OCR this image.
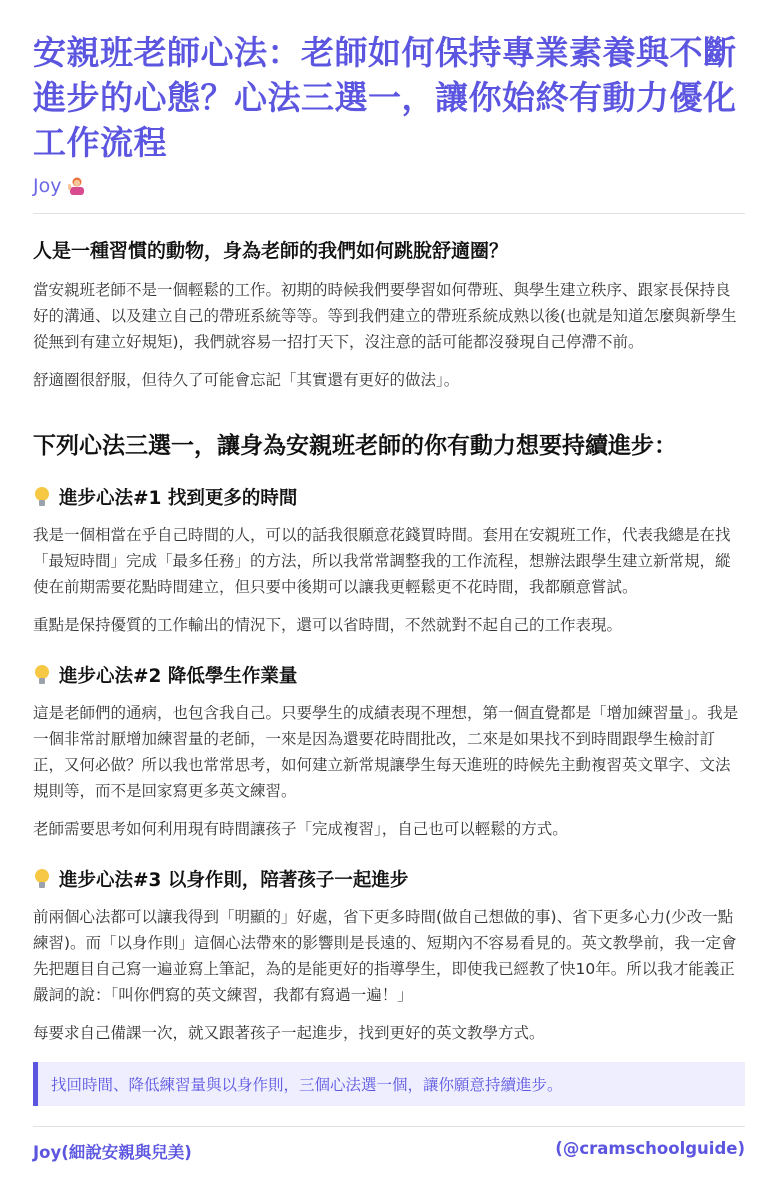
安親班老師心法：老師如何保持專業素養與不斷進步的心態？心法三選一，讓你始終有動力優化工作流程
Joy
人是一種習慣的動物，身為老師的我們如何跳脫舒適圈？

當安親班老師不是一個輕鬆的工作。初期的時候我們要學習如何帶班、與學生建立秩序、跟家長保持良好的溝通、以及建立自己的帶班系統等等。等到我們建立的帶班系統成熟以後(也就是知道怎麼與新學生從無到有建立好規矩)，我們就容易一招打天下，沒注意的話可能都沒發現自己停滯不前。

舒適圈很舒服，但待久了可能會忘記「其實還有更好的做法」。

下列心法三選一，讓身為安親班老師的你有動力想要持續進步：
進步心法#1 找到更多的時間

我是一個相當在乎自己時間的人，可以的話我很願意花錢買時間。套用在安親班工作，代表我總是在找「最短時間」完成「最多任務」的方法，所以我常常調整我的工作流程，想辦法跟學生建立新常規，縱使在前期需要花點時間建立，但只要中後期可以讓我更輕鬆更不花時間，我都願意嘗試。

重點是保持優質的工作輸出的情況下，還可以省時間，不然就對不起自己的工作表現。

進步心法#2 降低學生作業量

這是老師們的通病，也包含我自己。只要學生的成績表現不理想，第一個直覺都是「增加練習量」。我是一個非常討厭增加練習量的老師，一來是因為還要花時間批改，二來是如果找不到時間跟學生檢討訂正，又何必做？所以我也常常思考，如何建立新常規讓學生每天進班的時候先主動複習英文單字、文法規則等，而不是回家寫更多英文練習。

老師需要思考如何利用現有時間讓孩子「完成複習」，自己也可以輕鬆的方式。

進步心法#3 以身作則，陪著孩子一起進步

前兩個心法都可以讓我得到「明顯的」好處，省下更多時間(做自己想做的事)、省下更多心力(少改一點練習)。而「以身作則」這個心法帶來的影響則是長遠的、短期內不容易看見的。英文教學前，我一定會先把題目自己寫一遍並寫上筆記，為的是能更好的指導學生，即使我已經教了快10年。所以我才能義正嚴詞的說：「叫你們寫的英文練習，我都有寫過一遍！」

每要求自己備課一次，就又跟著孩子一起進步，找到更好的英文教學方式。

找回時間、降低練習量與以身作則，三個心法選一個，讓你願意持續進步。
Joy(細說安親與兒美)	(@cramschoolguide)
